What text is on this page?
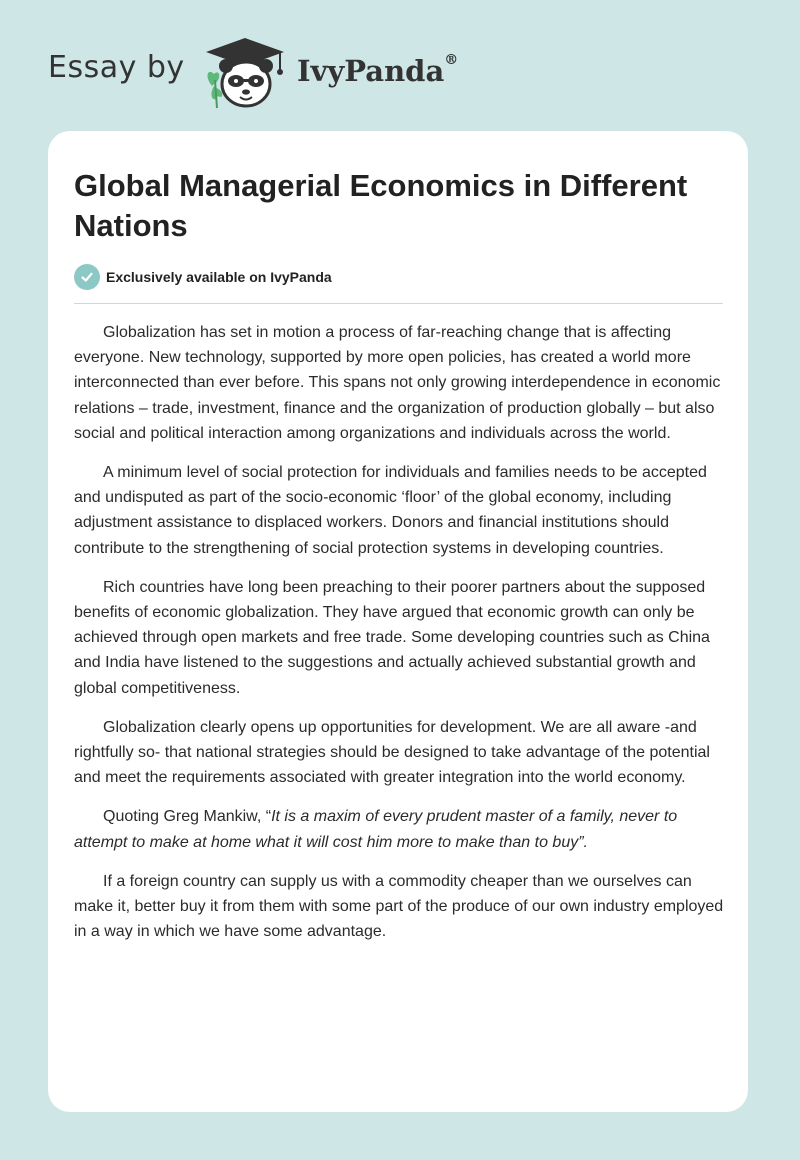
Essay by	IvyPanda®
Global Managerial Economics in Different Nations
Exclusively available on IvyPanda

Globalization has set in motion a process of far-reaching change that is affecting everyone. New technology, supported by more open policies, has created a world more interconnected than ever before. This spans not only growing interdependence in economic relations – trade, investment, finance and the organization of production globally – but also social and political interaction among organizations and individuals across the world.

A minimum level of social protection for individuals and families needs to be accepted and undisputed as part of the socio-economic ‘floor’ of the global economy, including adjustment assistance to displaced workers. Donors and financial institutions should contribute to the strengthening of social protection systems in developing countries.

Rich countries have long been preaching to their poorer partners about the supposed benefits of economic globalization. They have argued that economic growth can only be achieved through open markets and free trade. Some developing countries such as China and India have listened to the suggestions and actually achieved substantial growth and global competitiveness.

Globalization clearly opens up opportunities for development. We are all aware -and rightfully so- that national strategies should be designed to take advantage of the potential and meet the requirements associated with greater integration into the world economy.

Quoting Greg Mankiw, “It is a maxim of every prudent master of a family, never to attempt to make at home what it will cost him more to make than to buy”.

If a foreign country can supply us with a commodity cheaper than we ourselves can make it, better buy it from them with some part of the produce of our own industry employed in a way in which we have some advantage.
